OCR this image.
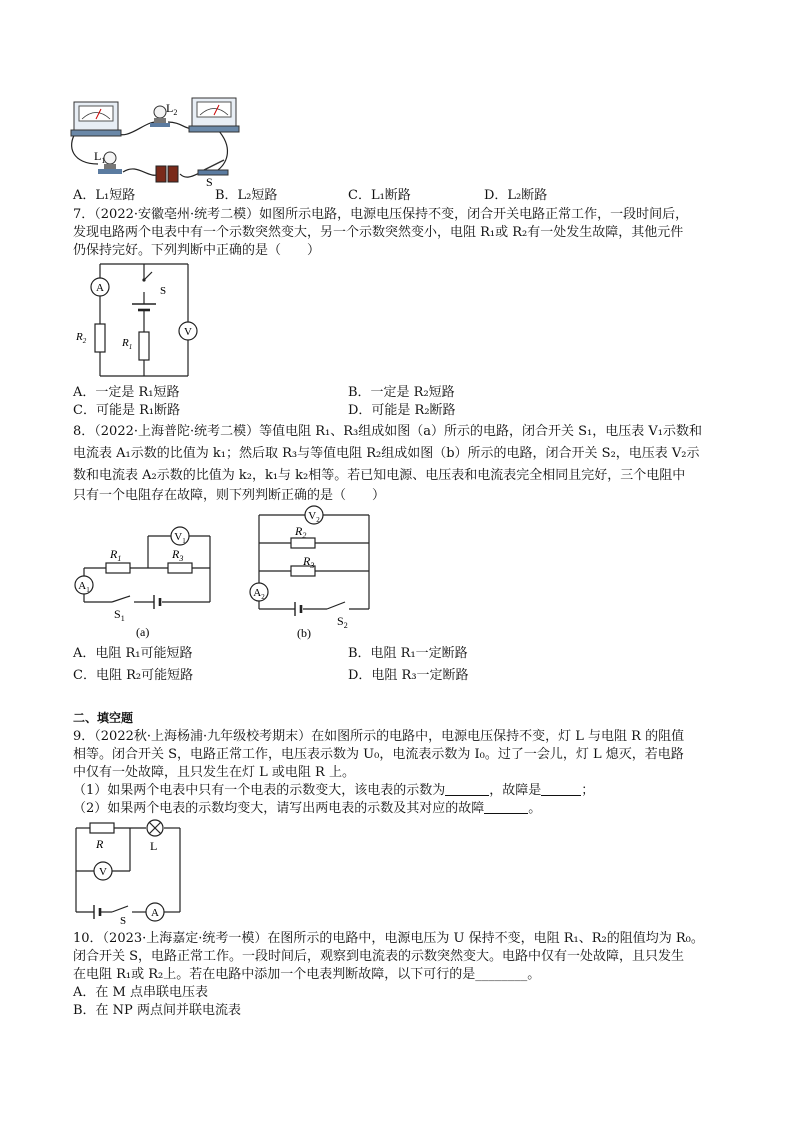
$L_2$
$L_1$
S
A．L₁短路	B．L₂短路	C．L₁断路	D．L₂断路
7．（2022·安徽亳州·统考二模）如图所示电路，电源电压保持不变，闭合开关电路正常工作，一段时间后，
发现电路两个电表中有一个示数突然变大，另一个示数突然变小，电阻 R₁或 R₂有一处发生故障，其他元件
仍保持完好。下列判断中正确的是（　　）
A
V
S
$R_2$	$R_1$
A．一定是 R₁短路	B．一定是 R₂短路
C．可能是 R₁断路	D．可能是 R₂断路
8．（2022·上海普陀·统考二模）等值电阻 R₁、R₃组成如图（a）所示的电路，闭合开关 S₁，电压表 V₁示数和
电流表 A₁示数的比值为 k₁；然后取 R₃与等值电阻 R₂组成如图（b）所示的电路，闭合开关 S₂，电压表 V₂示
数和电流表 A₂示数的比值为 k₂，k₁与 k₂相等。若已知电源、电压表和电流表完全相同且完好，三个电阻中
只有一个电阻存在故障，则下列判断正确的是（　　）
$V_1$
$A_1$
$R_1$	$R_3$
$S_1$
(a)
$V_2$
$A_2$
$R_2$
$R_3$
$S_2$
(b)
A．电阻 R₁可能短路	B．电阻 R₁一定断路
C．电阻 R₂可能短路	D．电阻 R₃一定断路
二、填空题
9．（2022秋·上海杨浦·九年级校考期末）在如图所示的电路中，电源电压保持不变，灯 L 与电阻 R 的阻值
相等。闭合开关 S，电路正常工作，电压表示数为 U₀，电流表示数为 I₀。过了一会儿，灯 L 熄灭，若电路
中仅有一处故障，且只发生在灯 L 或电阻 R 上。
（1）如果两个电表中只有一个电表的示数变大，该电表的示数为	，故障是	；
（2）如果两个电表的示数均变大，请写出两电表的示数及其对应的故障	。
V
A
R	L
S
10．（2023·上海嘉定·统考一模）在图所示的电路中，电源电压为 U 保持不变，电阻 R₁、R₂的阻值均为 R₀。
闭合开关 S，电路正常工作。一段时间后，观察到电流表的示数突然变大。电路中仅有一处故障，且只发生
在电阻 R₁或 R₂上。若在电路中添加一个电表判断故障，以下可行的是________。
A．在 M 点串联电压表
B．在 NP 两点间并联电流表
